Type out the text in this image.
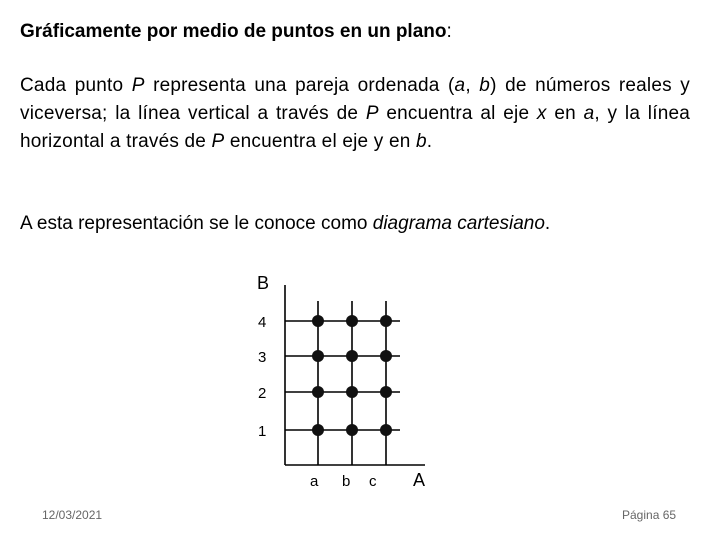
Gráficamente por medio de puntos en un plano:
Cada punto P representa una pareja ordenada (a, b) de números reales y viceversa; la línea vertical a través de P encuentra al eje x en a, y la línea horizontal a través de P encuentra el eje y en b.
A esta representación se le conoce como diagrama cartesiano.
B
4
3
2
1
a b c A
12/03/2021	Página 65
